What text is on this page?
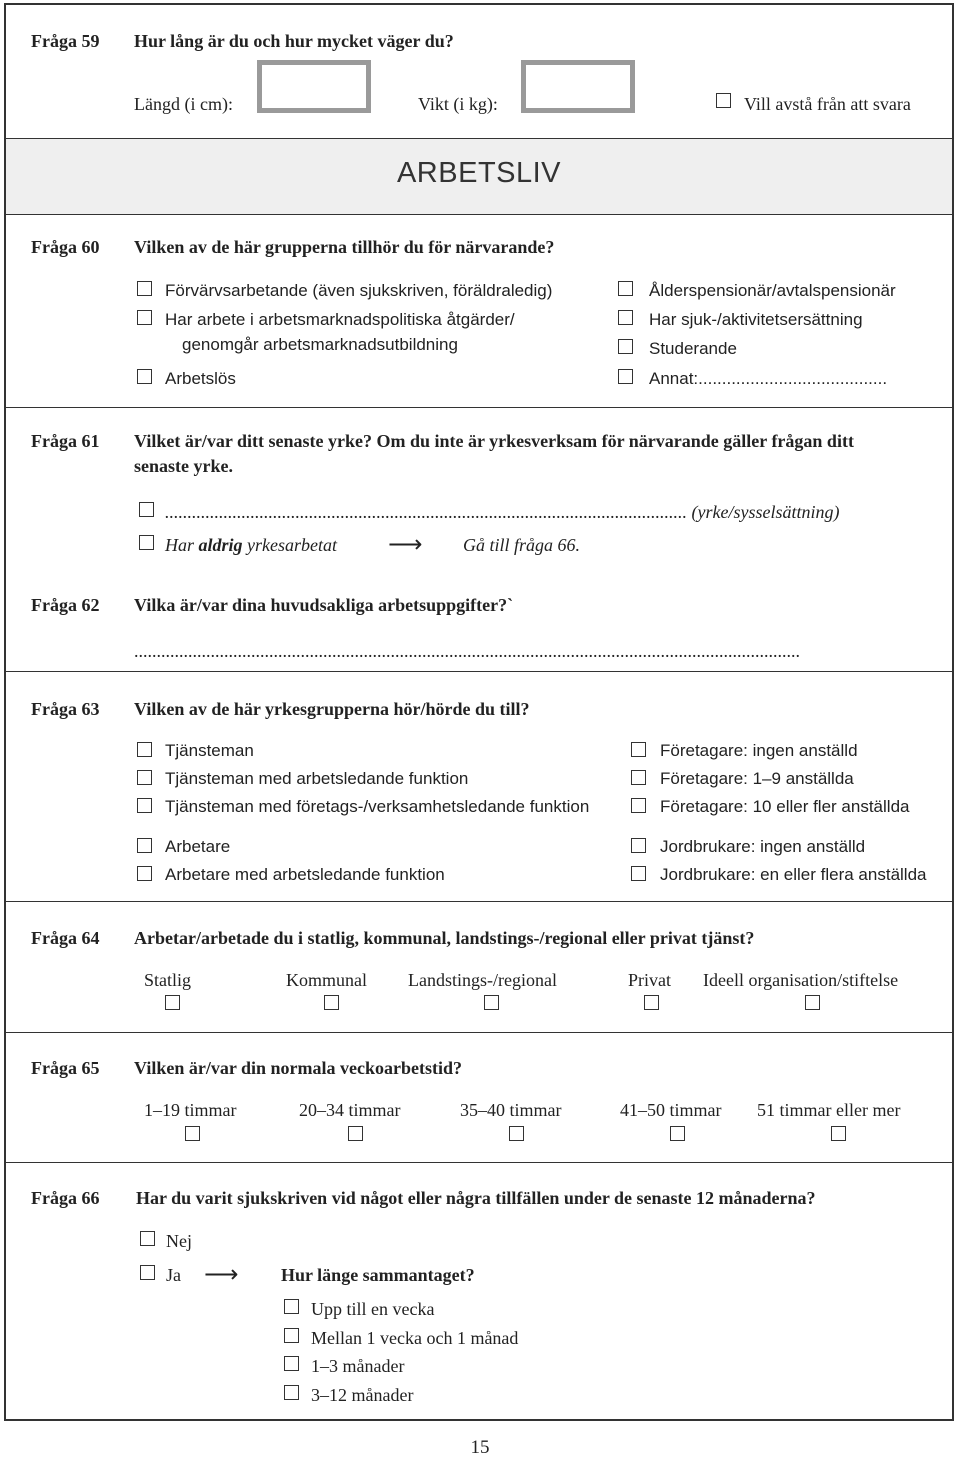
Fråga 59 Hur lång är du och hur mycket väger du?
Längd (i cm):	Vikt (i kg):	Vill avstå från att svara
ARBETSLIV
Fråga 60 Vilken av de här grupperna tillhör du för närvarande?
Förvärvsarbetande (även sjukskriven, föräldraledig)
Har arbete i arbetsmarknadspolitiska åtgärder/
genomgår arbetsmarknadsutbildning
Arbetslös
Ålderspensionär/avtalspensionär
Har sjuk-/aktivitetsersättning
Studerande
Annat:........................................
Fråga 61 Vilket är/var ditt senaste yrke? Om du inte är yrkesverksam för närvarande gäller frågan ditt
senaste yrke.
.................................................................................................................... (yrke/sysselsättning)
Har aldrig yrkesarbetat ⟶ Gå till fråga 66.
Fråga 62 Vilka är/var dina huvudsakliga arbetsuppgifter?`
....................................................................................................................................................
Fråga 63 Vilken av de här yrkesgrupperna hör/hörde du till?
Tjänsteman
Tjänsteman med arbetsledande funktion
Tjänsteman med företags-/verksamhetsledande funktion
Arbetare
Arbetare med arbetsledande funktion
Företagare: ingen anställd
Företagare: 1–9 anställda
Företagare: 10 eller fler anställda
Jordbrukare: ingen anställd
Jordbrukare: en eller flera anställda
Fråga 64 Arbetar/arbetade du i statlig, kommunal, landstings-/regional eller privat tjänst?
Statlig	Kommunal Landstings-/regional	Privat Ideell organisation/stiftelse
Fråga 65 Vilken är/var din normala veckoarbetstid?
1–19 timmar	20–34 timmar	35–40 timmar	41–50 timmar 51 timmar eller mer
Fråga 66 Har du varit sjukskriven vid något eller några tillfällen under de senaste 12 månaderna?
Nej
Ja ⟶ Hur länge sammantaget?
Upp till en vecka
Mellan 1 vecka och 1 månad
1–3 månader
3–12 månader
15
